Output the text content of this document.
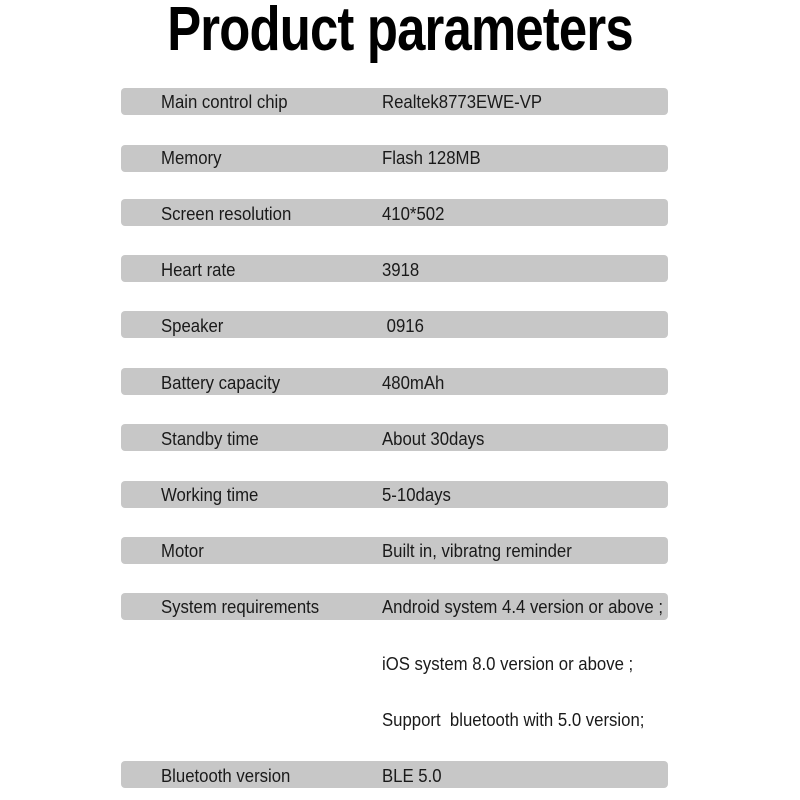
Product parameters
Main control chip
Memory
Screen resolution
Heart rate
Speaker
Battery capacity
Standby time
Working time
Motor
System requirements
Bluetooth version
Realtek8773EWE-VP
Flash 128MB
410*502
3918
0916
480mAh
About 30days
5-10days
Built in, vibratng reminder
Android system 4.4 version or above ;
BLE 5.0
iOS system 8.0 version or above ;
Support  bluetooth with 5.0 version;
